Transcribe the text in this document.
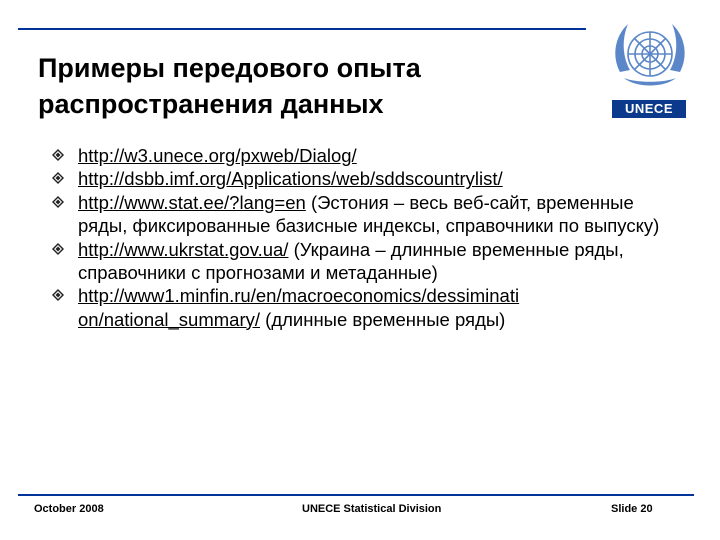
UNECE
Примеры передового опыта
распространения данных
http://w3.unece.org/pxweb/Dialog/
http://dsbb.imf.org/Applications/web/sddscountrylist/
http://www.stat.ee/?lang=en (Эстония – весь веб-сайт, временные ряды, фиксированные базисные индексы, справочники по выпуску)
http://www.ukrstat.gov.ua/ (Украина – длинные временные ряды, справочники с прогнозами и метаданные)
http://www1.minfin.ru/en/macroeconomics/dessiminati on/national_summary/ (длинные временные ряды)
October 2008	UNECE Statistical Division	Slide 20
